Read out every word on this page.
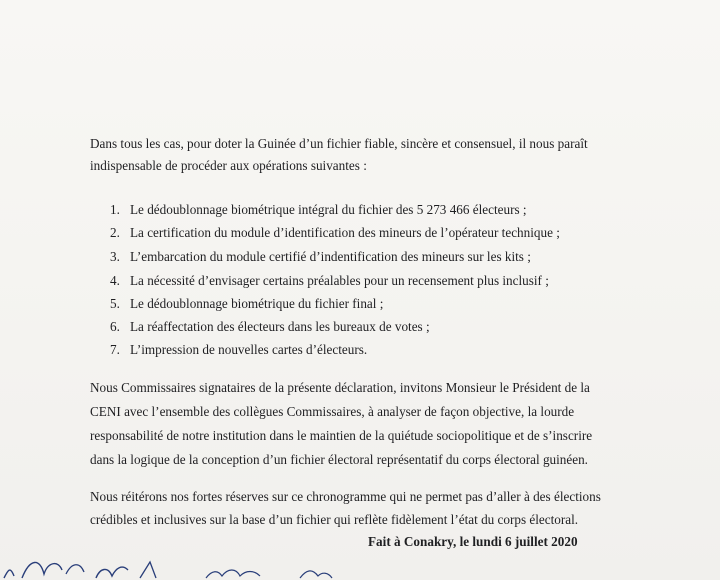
Dans tous les cas, pour doter la Guinée d’un fichier fiable, sincère et consensuel, il nous paraît
indispensable de procéder aux opérations suivantes :
1. Le dédoublonnage biométrique intégral du fichier des 5 273 466 électeurs ;
2. La certification du module d’identification des mineurs de l’opérateur technique ;
3. L’embarcation du module certifié d’indentification des mineurs sur les kits ;
4. La nécessité d’envisager certains préalables pour un recensement plus inclusif ;
5. Le dédoublonnage biométrique du fichier final ;
6. La réaffectation des électeurs dans les bureaux de votes ;
7. L’impression de nouvelles cartes d’électeurs.
Nous Commissaires signataires de la présente déclaration, invitons Monsieur le Président de la
CENI avec l’ensemble des collègues Commissaires, à analyser de façon objective, la lourde
responsabilité de notre institution dans le maintien de la quiétude sociopolitique et de s’inscrire
dans la logique de la conception d’un fichier électoral représentatif du corps électoral guinéen.
Nous réitérons nos fortes réserves sur ce chronogramme qui ne permet pas d’aller à des élections
crédibles et inclusives sur la base d’un fichier qui reflète fidèlement l’état du corps électoral.
Fait à Conakry, le lundi 6 juillet 2020
